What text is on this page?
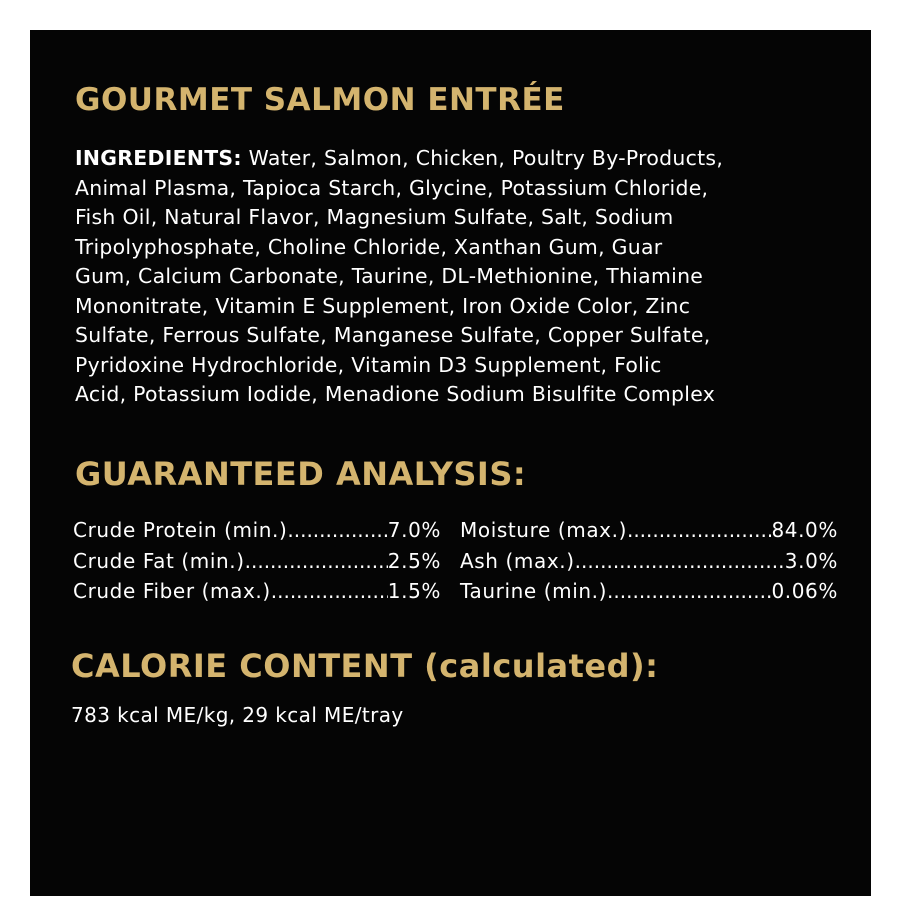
GOURMET SALMON ENTRÉE
INGREDIENTS: Water, Salmon, Chicken, Poultry By-Products,
Animal Plasma, Tapioca Starch, Glycine, Potassium Chloride,
Fish Oil, Natural Flavor, Magnesium Sulfate, Salt, Sodium
Tripolyphosphate, Choline Chloride, Xanthan Gum, Guar
Gum, Calcium Carbonate, Taurine, DL-Methionine, Thiamine
Mononitrate, Vitamin E Supplement, Iron Oxide Color, Zinc
Sulfate, Ferrous Sulfate, Manganese Sulfate, Copper Sulfate,
Pyridoxine Hydrochloride, Vitamin D3 Supplement, Folic
Acid, Potassium Iodide, Menadione Sodium Bisulfite Complex
GUARANTEED ANALYSIS:
Crude Protein (min.) .....	7.0%
Crude Fat (min.) .....	2.5%
Crude Fiber (max.) .....	1.5%
Moisture (max.) .....	84.0%
Ash (max.) .....	3.0%
Taurine (min.) .....	0.06%
CALORIE CONTENT (calculated):
783 kcal ME/kg, 29 kcal ME/tray
